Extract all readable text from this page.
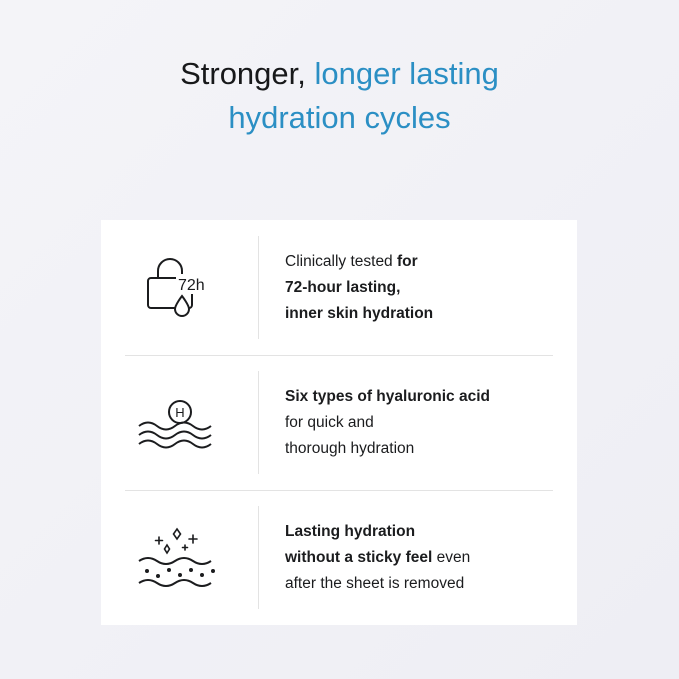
Stronger, longer lasting
hydration cycles
72h
Clinically tested for
72-hour lasting,
inner skin hydration
H
Six types of hyaluronic acid
for quick and
thorough hydration
Lasting hydration
without a sticky feel even
after the sheet is removed
